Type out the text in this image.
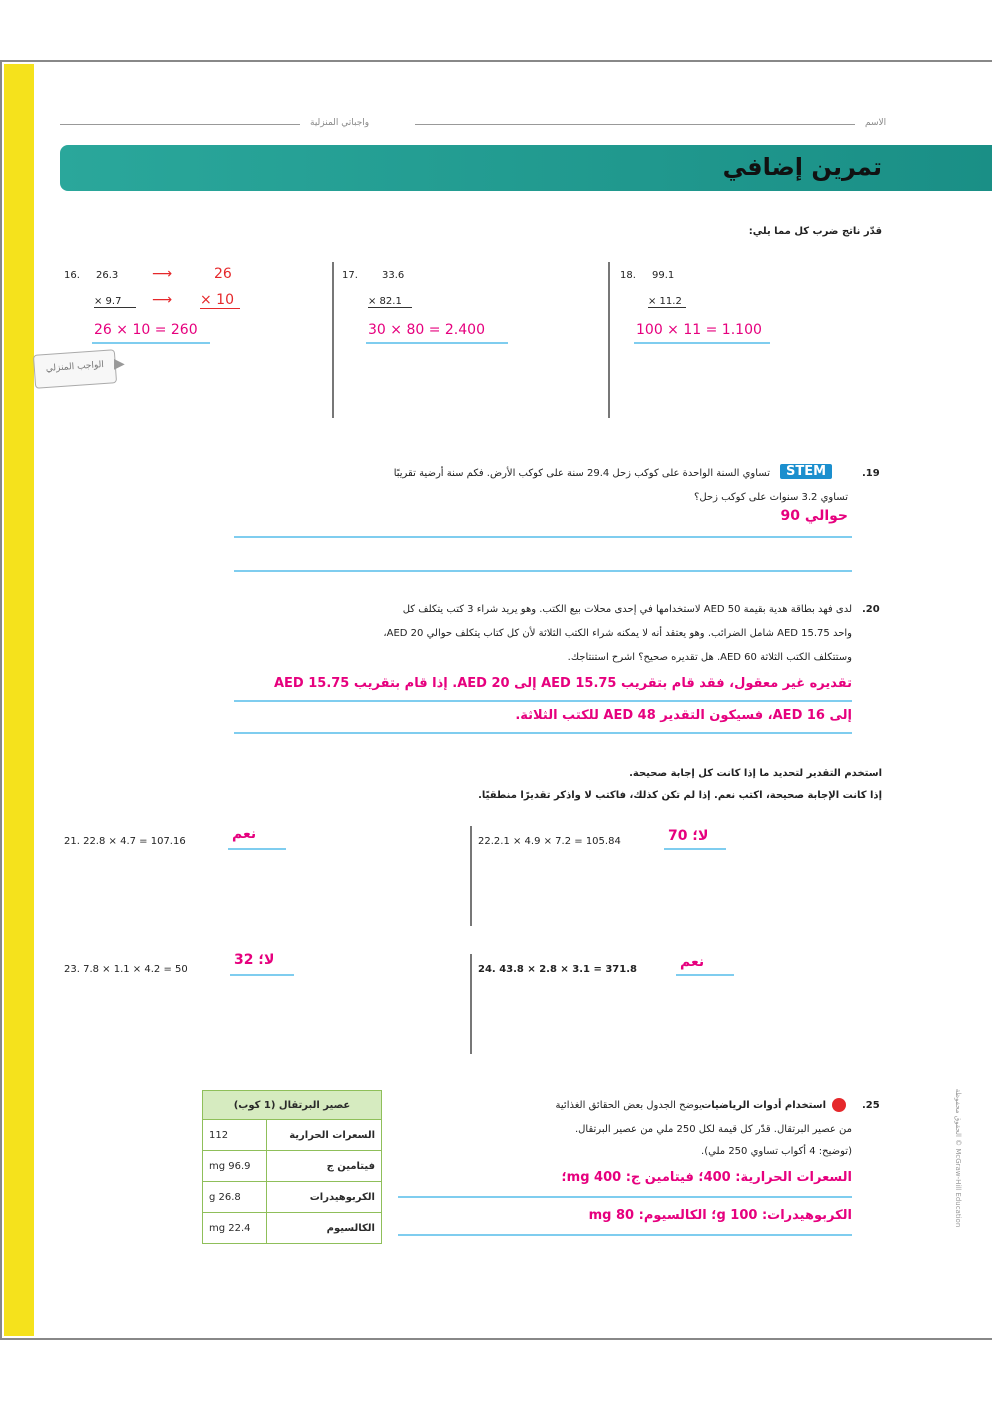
واجباتي المنزلية	الاسم
تمرين إضافي
قدّر ناتج ضرب كل مما يلي:
16. 26.3
× 9.7
⟶
⟶
26
× 10
26 × 10 = 260
الواجب المنزلي ▶
17. 33.6
× 82.1
30 × 80 = 2.400
18. 99.1
× 11.2
100 × 11 = 1.100
.19
STEM
تساوي السنة الواحدة على كوكب زحل 29.4 سنة على كوكب الأرض. فكم سنة أرضية تقريبًا
تساوي 3.2 سنوات على كوكب زحل؟
حوالي 90
.20
لدى فهد بطاقة هدية بقيمة AED 50 لاستخدامها في إحدى محلات بيع الكتب. وهو يريد شراء 3 كتب يتكلف كل
واحد AED 15.75 شامل الضرائب. وهو يعتقد أنه لا يمكنه شراء الكتب الثلاثة لأن كل كتاب يتكلف حوالي AED 20،
وستتكلف الكتب الثلاثة AED 60. هل تقديره صحيح؟ اشرح استنتاجك.
تقديره غير معقول، فقد قام بتقريب AED 15.75 إلى AED 20. إذا قام بتقريب AED 15.75
إلى AED 16، فسيكون التقدير AED 48 للكتب الثلاثة.
استخدم التقدير لتحديد ما إذا كانت كل إجابة صحيحة.
إذا كانت الإجابة صحيحة، اكتب نعم. إذا لم تكن كذلك، فاكتب لا واذكر تقديرًا منطقيًا.
21. 22.8 × 4.7 = 107.16	نعم	22.2.1 × 4.9 × 7.2 = 105.84	لا؛ 70
23. 7.8 × 1.1 × 4.2 = 50
لا؛ 32
24. 43.8 × 2.8 × 3.1 = 371.8	نعم
.25
استخدام أدوات الرياضيات
يوضح الجدول بعض الحقائق الغذائية
من عصير البرتقال. قدّر كل قيمة لكل 250 ملي من عصير البرتقال.
(توضيح: 4 أكواب تساوي 250 ملي).
السعرات الحرارية: 400؛ فيتامين ج: 400 mg؛
الكربوهيدرات: 100 g؛ الكالسيوم: 80 mg
عصير البرتقال (1 كوب)	
السعرات الحرارية	112
فيتامين ج	mg 96.9
الكربوهيدرات	g 26.8
الكالسيوم	mg 22.4
الحقوق محفوظة © McGraw-Hill Education
